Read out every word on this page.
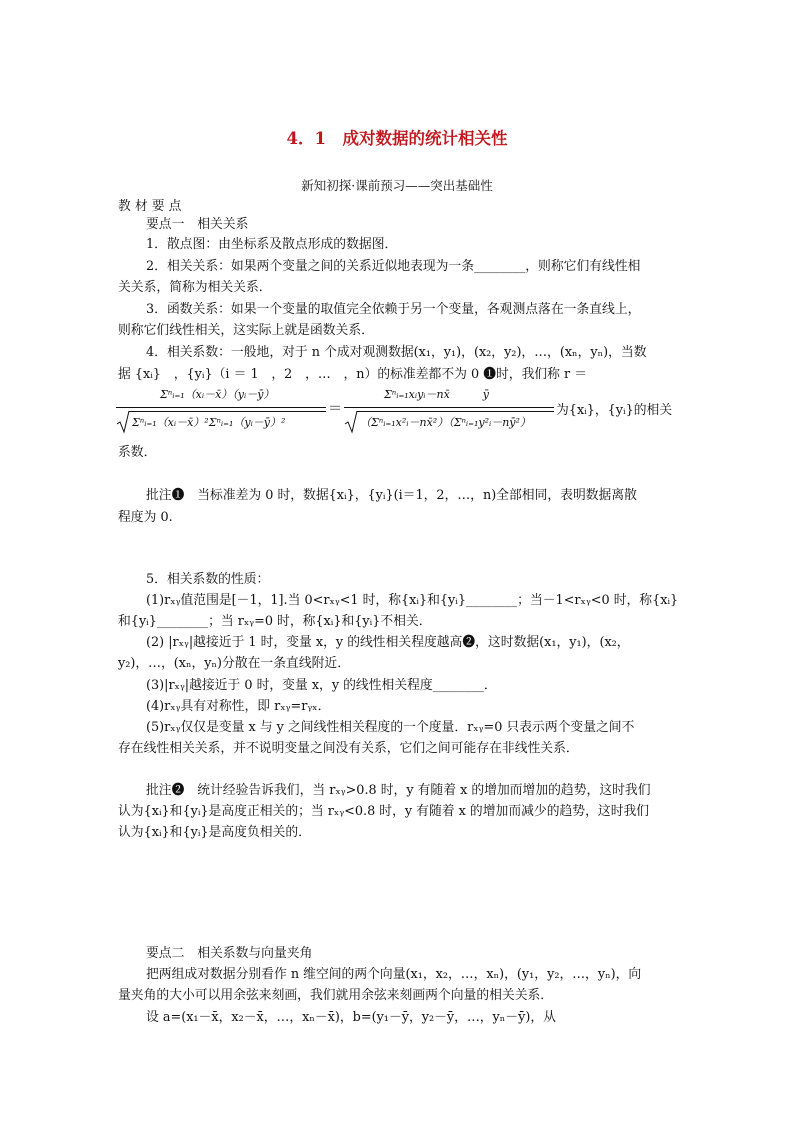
4．1　成对数据的统计相关性
新知初探·课前预习——突出基础性
教 材 要 点
要点一　相关关系
1．散点图：由坐标系及散点形成的数据图．
2．相关关系：如果两个变量之间的关系近似地表现为一条________，则称它们有线性相
关关系，简称为相关关系．
3．函数关系：如果一个变量的取值完全依赖于另一个变量，各观测点落在一条直线上，
则称它们线性相关，这实际上就是函数关系．
4．相关系数：一般地，对于 n 个成对观测数据(x₁，y₁)，(x₂，y₂)，…，(xₙ，yₙ)，当数
据 {xᵢ}　，{yᵢ}（i ＝ 1　，2　，…　，n）的标准差都不为 0 ❶时，我们称 r ＝
Σⁿᵢ₌₁（xᵢ－x̄）（yᵢ－ȳ）
Σⁿᵢ₌₁（xᵢ－x̄）²Σⁿᵢ₌₁（yᵢ－ȳ）²
＝
Σⁿᵢ₌₁xᵢyᵢ－nx̄　　　ȳ
（Σⁿᵢ₌₁x²ᵢ－nx̄²）（Σⁿᵢ₌₁y²ᵢ－nȳ²）
为{xᵢ}，{yᵢ}的相关
系数．
批注❶　当标准差为 0 时，数据{xᵢ}，{yᵢ}(i＝1，2，…，n)全部相同，表明数据离散
程度为 0.
5．相关系数的性质：
(1)rₓᵧ值范围是[－1，1].当 0<rₓᵧ<1 时，称{xᵢ}和{yᵢ}________；当－1<rₓᵧ<0 时，称{xᵢ}
和{yᵢ}________；当 rₓᵧ=0 时，称{xᵢ}和{yᵢ}不相关．
(2) |rₓᵧ|越接近于 1 时，变量 x，y 的线性相关程度越高❷，这时数据(x₁，y₁)，(x₂，
y₂)，…，(xₙ，yₙ)分散在一条直线附近．
(3)|rₓᵧ|越接近于 0 时，变量 x，y 的线性相关程度________．
(4)rₓᵧ具有对称性，即 rₓᵧ=rᵧₓ．
(5)rₓᵧ仅仅是变量 x 与 y 之间线性相关程度的一个度量．rₓᵧ=0 只表示两个变量之间不
存在线性相关关系，并不说明变量之间没有关系，它们之间可能存在非线性关系．
批注❷　统计经验告诉我们，当 rₓᵧ>0.8 时，y 有随着 x 的增加而增加的趋势，这时我们
认为{xᵢ}和{yᵢ}是高度正相关的；当 rₓᵧ<0.8 时，y 有随着 x 的增加而减少的趋势，这时我们
认为{xᵢ}和{yᵢ}是高度负相关的．
要点二　相关系数与向量夹角
把两组成对数据分别看作 n 维空间的两个向量(x₁，x₂，…，xₙ)，(y₁，y₂，…，yₙ)，向
量夹角的大小可以用余弦来刻画，我们就用余弦来刻画两个向量的相关关系．
设 a=(x₁－x̄，x₂－x̄，…，xₙ－x̄)，b=(y₁－ȳ，y₂－ȳ，…，yₙ－ȳ)，从
